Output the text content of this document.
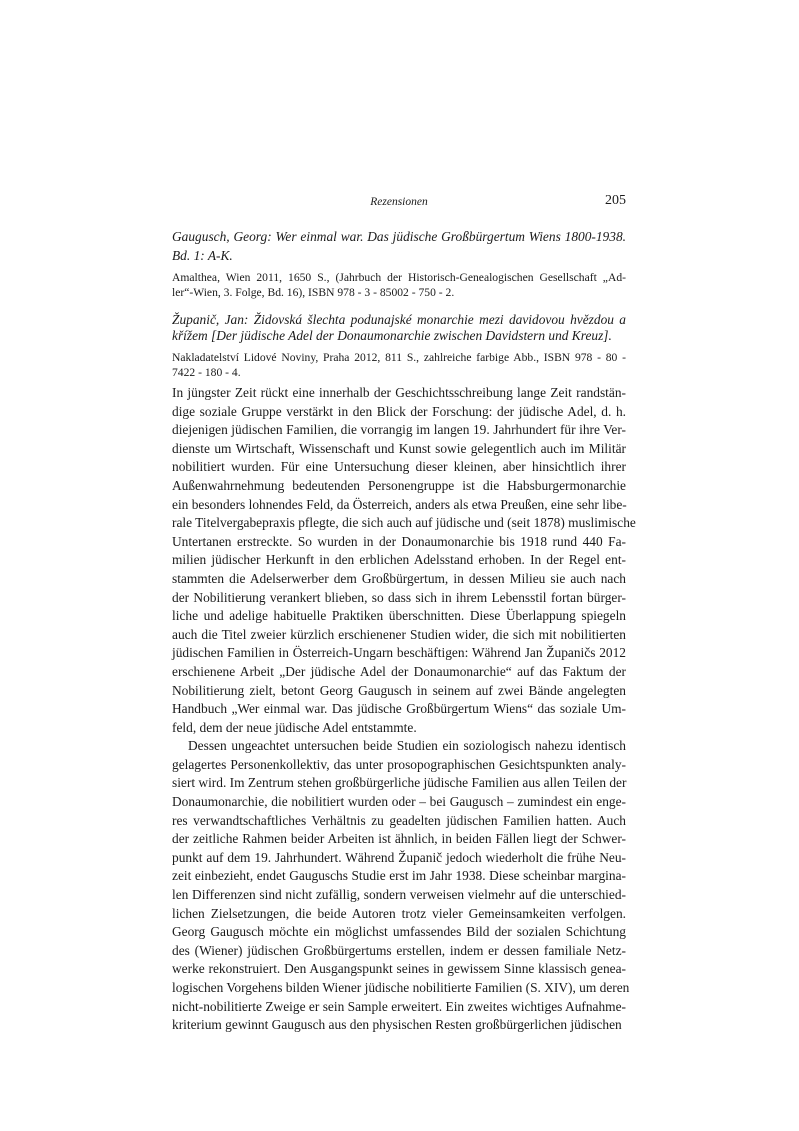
Rezensionen	205

Gaugusch, Georg: Wer einmal war. Das jüdische Großbürgertum Wiens 1800-1938.
Bd. 1: A-K.

Amalthea, Wien 2011, 1650 S., (Jahrbuch der Historisch-Genealogischen Gesellschaft „Ad-
ler“-Wien, 3. Folge, Bd. 16), ISBN 978 - 3 - 85002 - 750 - 2.

Županič, Jan: Židovská šlechta podunajské monarchie mezi davidovou hvězdou a
křížem [Der jüdische Adel der Donaumonarchie zwischen Davidstern und Kreuz].

Nakladatelství Lidové Noviny, Praha 2012, 811 S., zahlreiche farbige Abb., ISBN 978 - 80 -
7422 - 180 - 4.

In jüngster Zeit rückt eine innerhalb der Geschichtsschreibung lange Zeit randstän-
dige soziale Gruppe verstärkt in den Blick der Forschung: der jüdische Adel, d. h.
diejenigen jüdischen Familien, die vorrangig im langen 19. Jahrhundert für ihre Ver-
dienste um Wirtschaft, Wissenschaft und Kunst sowie gelegentlich auch im Militär
nobilitiert wurden. Für eine Untersuchung dieser kleinen, aber hinsichtlich ihrer
Außenwahrnehmung bedeutenden Personengruppe ist die Habsburgermonarchie
ein besonders lohnendes Feld, da Österreich, anders als etwa Preußen, eine sehr libe-
rale Titelvergabepraxis pflegte, die sich auch auf jüdische und (seit 1878) muslimische
Untertanen erstreckte. So wurden in der Donaumonarchie bis 1918 rund 440 Fa-
milien jüdischer Herkunft in den erblichen Adelsstand erhoben. In der Regel ent-
stammten die Adelserwerber dem Großbürgertum, in dessen Milieu sie auch nach
der Nobilitierung verankert blieben, so dass sich in ihrem Lebensstil fortan bürger-
liche und adelige habituelle Praktiken überschnitten. Diese Überlappung spiegeln
auch die Titel zweier kürzlich erschienener Studien wider, die sich mit nobilitierten
jüdischen Familien in Österreich-Ungarn beschäftigen: Während Jan Županičs 2012
erschienene Arbeit „Der jüdische Adel der Donaumonarchie“ auf das Faktum der
Nobilitierung zielt, betont Georg Gaugusch in seinem auf zwei Bände angelegten
Handbuch „Wer einmal war. Das jüdische Großbürgertum Wiens“ das soziale Um-
feld, dem der neue jüdische Adel entstammte.

Dessen ungeachtet untersuchen beide Studien ein soziologisch nahezu identisch
gelagertes Personenkollektiv, das unter prosopographischen Gesichtspunkten analy-
siert wird. Im Zentrum stehen großbürgerliche jüdische Familien aus allen Teilen der
Donaumonarchie, die nobilitiert wurden oder – bei Gaugusch – zumindest ein enge-
res verwandtschaftliches Verhältnis zu geadelten jüdischen Familien hatten. Auch
der zeitliche Rahmen beider Arbeiten ist ähnlich, in beiden Fällen liegt der Schwer-
punkt auf dem 19. Jahrhundert. Während Županič jedoch wiederholt die frühe Neu-
zeit einbezieht, endet Gauguschs Studie erst im Jahr 1938. Diese scheinbar margina-
len Differenzen sind nicht zufällig, sondern verweisen vielmehr auf die unterschied-
lichen Zielsetzungen, die beide Autoren trotz vieler Gemeinsamkeiten verfolgen.
Georg Gaugusch möchte ein möglichst umfassendes Bild der sozialen Schichtung
des (Wiener) jüdischen Großbürgertums erstellen, indem er dessen familiale Netz-
werke rekonstruiert. Den Ausgangspunkt seines in gewissem Sinne klassisch genea-
logischen Vorgehens bilden Wiener jüdische nobilitierte Familien (S. XIV), um deren
nicht-nobilitierte Zweige er sein Sample erweitert. Ein zweites wichtiges Aufnahme-
kriterium gewinnt Gaugusch aus den physischen Resten großbürgerlichen jüdischen
